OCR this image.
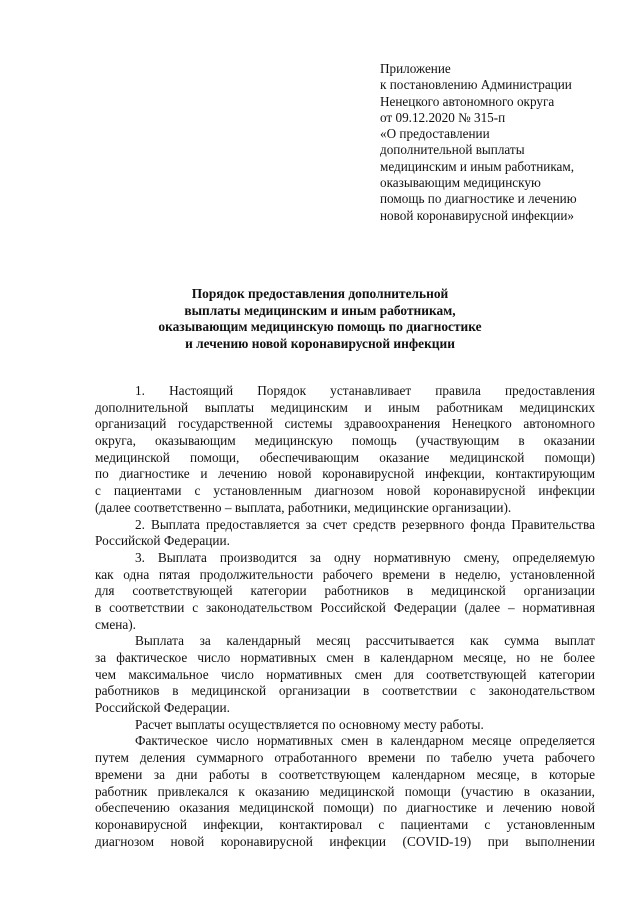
Приложение
к постановлению Администрации
Ненецкого автономного округа
от 09.12.2020 № 315-п
«О предоставлении
дополнительной выплаты
медицинским и иным работникам,
оказывающим медицинскую
помощь по диагностике и лечению
новой коронавирусной инфекции»
Порядок предоставления дополнительной
выплаты медицинским и иным работникам,
оказывающим медицинскую помощь по диагностике
и лечению новой коронавирусной инфекции
1. Настоящий Порядок устанавливает правила предоставления
дополнительной выплаты медицинским и иным работникам медицинских
организаций государственной системы здравоохранения Ненецкого автономного
округа, оказывающим медицинскую помощь (участвующим в оказании
медицинской помощи, обеспечивающим оказание медицинской помощи)
по диагностике и лечению новой коронавирусной инфекции, контактирующим
с пациентами с установленным диагнозом новой коронавирусной инфекции
(далее соответственно – выплата, работники, медицинские организации).
2. Выплата предоставляется за счет средств резервного фонда Правительства
Российской Федерации.
3. Выплата производится за одну нормативную смену, определяемую
как одна пятая продолжительности рабочего времени в неделю, установленной
для соответствующей категории работников в медицинской организации
в соответствии с законодательством Российской Федерации (далее – нормативная
смена).
Выплата за календарный месяц рассчитывается как сумма выплат
за фактическое число нормативных смен в календарном месяце, но не более
чем максимальное число нормативных смен для соответствующей категории
работников в медицинской организации в соответствии с законодательством
Российской Федерации.
Расчет выплаты осуществляется по основному месту работы.
Фактическое число нормативных смен в календарном месяце определяется
путем деления суммарного отработанного времени по табелю учета рабочего
времени за дни работы в соответствующем календарном месяце, в которые
работник привлекался к оказанию медицинской помощи (участию в оказании,
обеспечению оказания медицинской помощи) по диагностике и лечению новой
коронавирусной инфекции, контактировал с пациентами с установленным
диагнозом новой коронавирусной инфекции (COVID-19) при выполнении
